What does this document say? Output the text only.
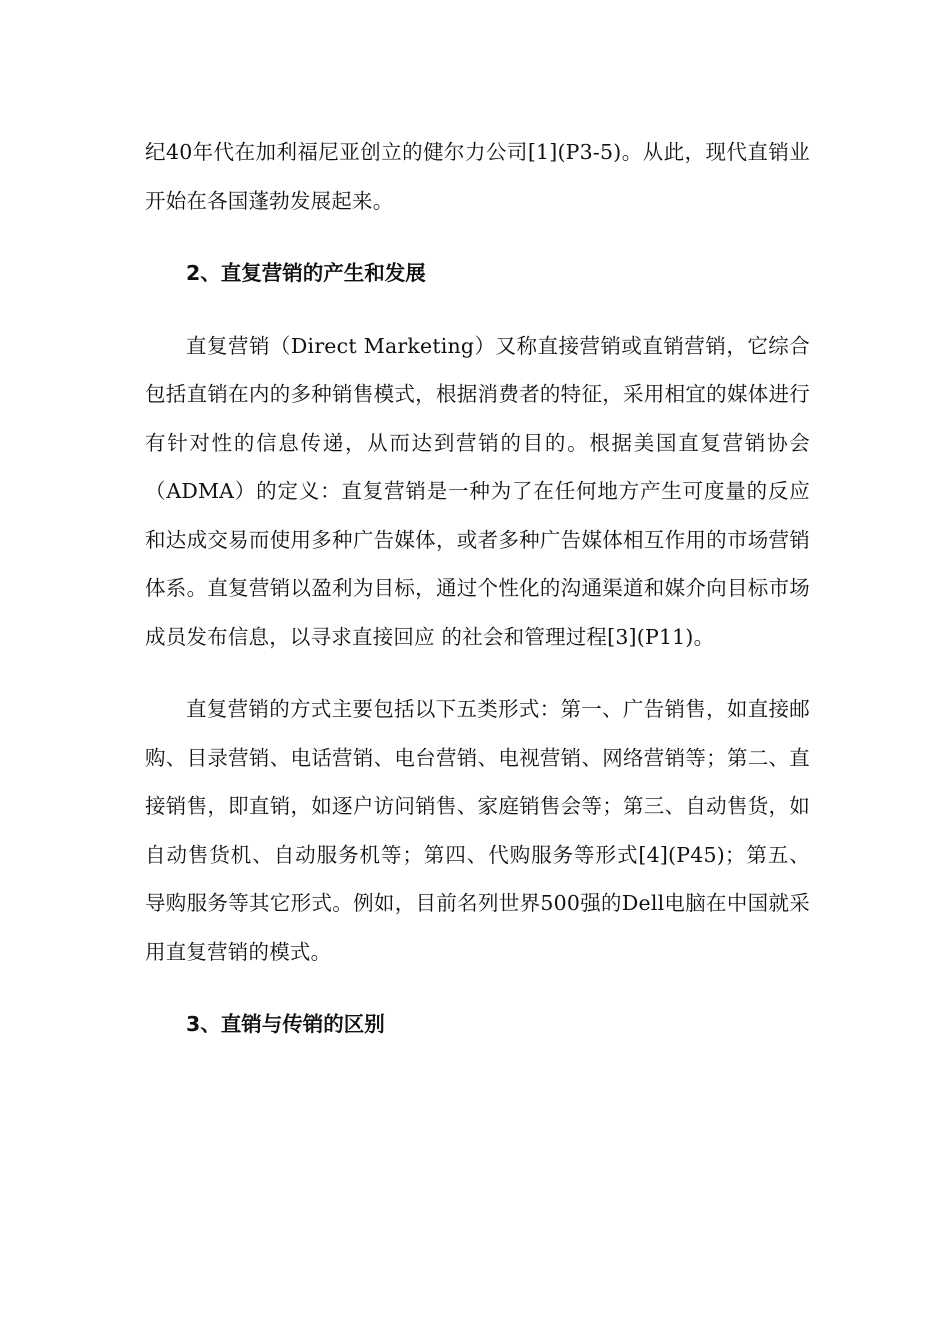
纪40年代在加利福尼亚创立的健尔力公司[1](P3-5)。从此，现代直销业开始在各国蓬勃发展起来。

2、直复营销的产生和发展

直复营销（Direct Marketing）又称直接营销或直销营销，它综合包括直销在内的多种销售模式，根据消费者的特征，采用相宜的媒体进行有针对性的信息传递，从而达到营销的目的。根据美国直复营销协会（ADMA）的定义：直复营销是一种为了在任何地方产生可度量的反应和达成交易而使用多种广告媒体，或者多种广告媒体相互作用的市场营销体系。直复营销以盈利为目标，通过个性化的沟通渠道和媒介向目标市场成员发布信息，以寻求直接回应 的社会和管理过程[3](P11)。

直复营销的方式主要包括以下五类形式：第一、广告销售，如直接邮购、目录营销、电话营销、电台营销、电视营销、网络营销等；第二、直接销售，即直销，如逐户访问销售、家庭销售会等；第三、自动售货，如自动售货机、自动服务机等；第四、代购服务等形式[4](P45)；第五、导购服务等其它形式。例如，目前名列世界500强的Dell电脑在中国就采用直复营销的模式。

3、直销与传销的区别
